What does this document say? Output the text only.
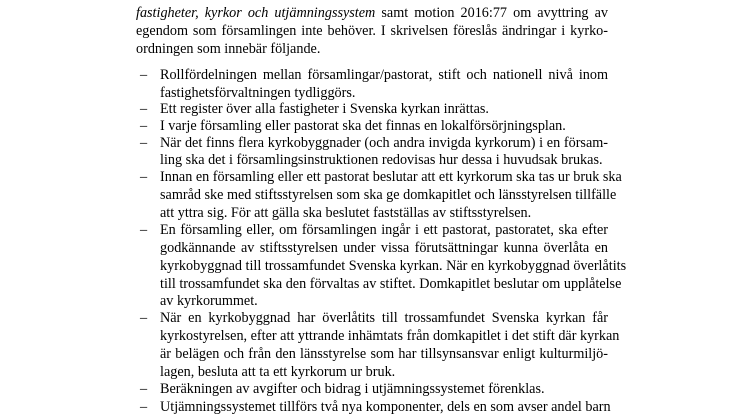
fastigheter, kyrkor och utjämningssystem samt motion 2016:77 om avyttring av
egendom som församlingen inte behöver. I skrivelsen föreslås ändringar i kyrko-
ordningen som innebär följande.
– Rollfördelningen mellan församlingar/pastorat, stift och nationell nivå inom
fastighetsförvaltningen tydliggörs.
– Ett register över alla fastigheter i Svenska kyrkan inrättas.
– I varje församling eller pastorat ska det finnas en lokalförsörjningsplan.
– När det finns flera kyrkobyggnader (och andra invigda kyrkorum) i en försam-
ling ska det i församlingsinstruktionen redovisas hur dessa i huvudsak brukas.
– Innan en församling eller ett pastorat beslutar att ett kyrkorum ska tas ur bruk ska
samråd ske med stiftsstyrelsen som ska ge domkapitlet och länsstyrelsen tillfälle
att yttra sig. För att gälla ska beslutet fastställas av stiftsstyrelsen.
– En församling eller, om församlingen ingår i ett pastorat, pastoratet, ska efter
godkännande av stiftsstyrelsen under vissa förutsättningar kunna överlåta en
kyrkobyggnad till trossamfundet Svenska kyrkan. När en kyrkobyggnad överlåtits
till trossamfundet ska den förvaltas av stiftet. Domkapitlet beslutar om upplåtelse
av kyrkorummet.
– När en kyrkobyggnad har överlåtits till trossamfundet Svenska kyrkan får
kyrkostyrelsen, efter att yttrande inhämtats från domkapitlet i det stift där kyrkan
är belägen och från den länsstyrelse som har tillsynsansvar enligt kulturmiljö-
lagen, besluta att ta ett kyrkorum ur bruk.
– Beräkningen av avgifter och bidrag i utjämningssystemet förenklas.
– Utjämningssystemet tillförs två nya komponenter, dels en som avser andel barn
